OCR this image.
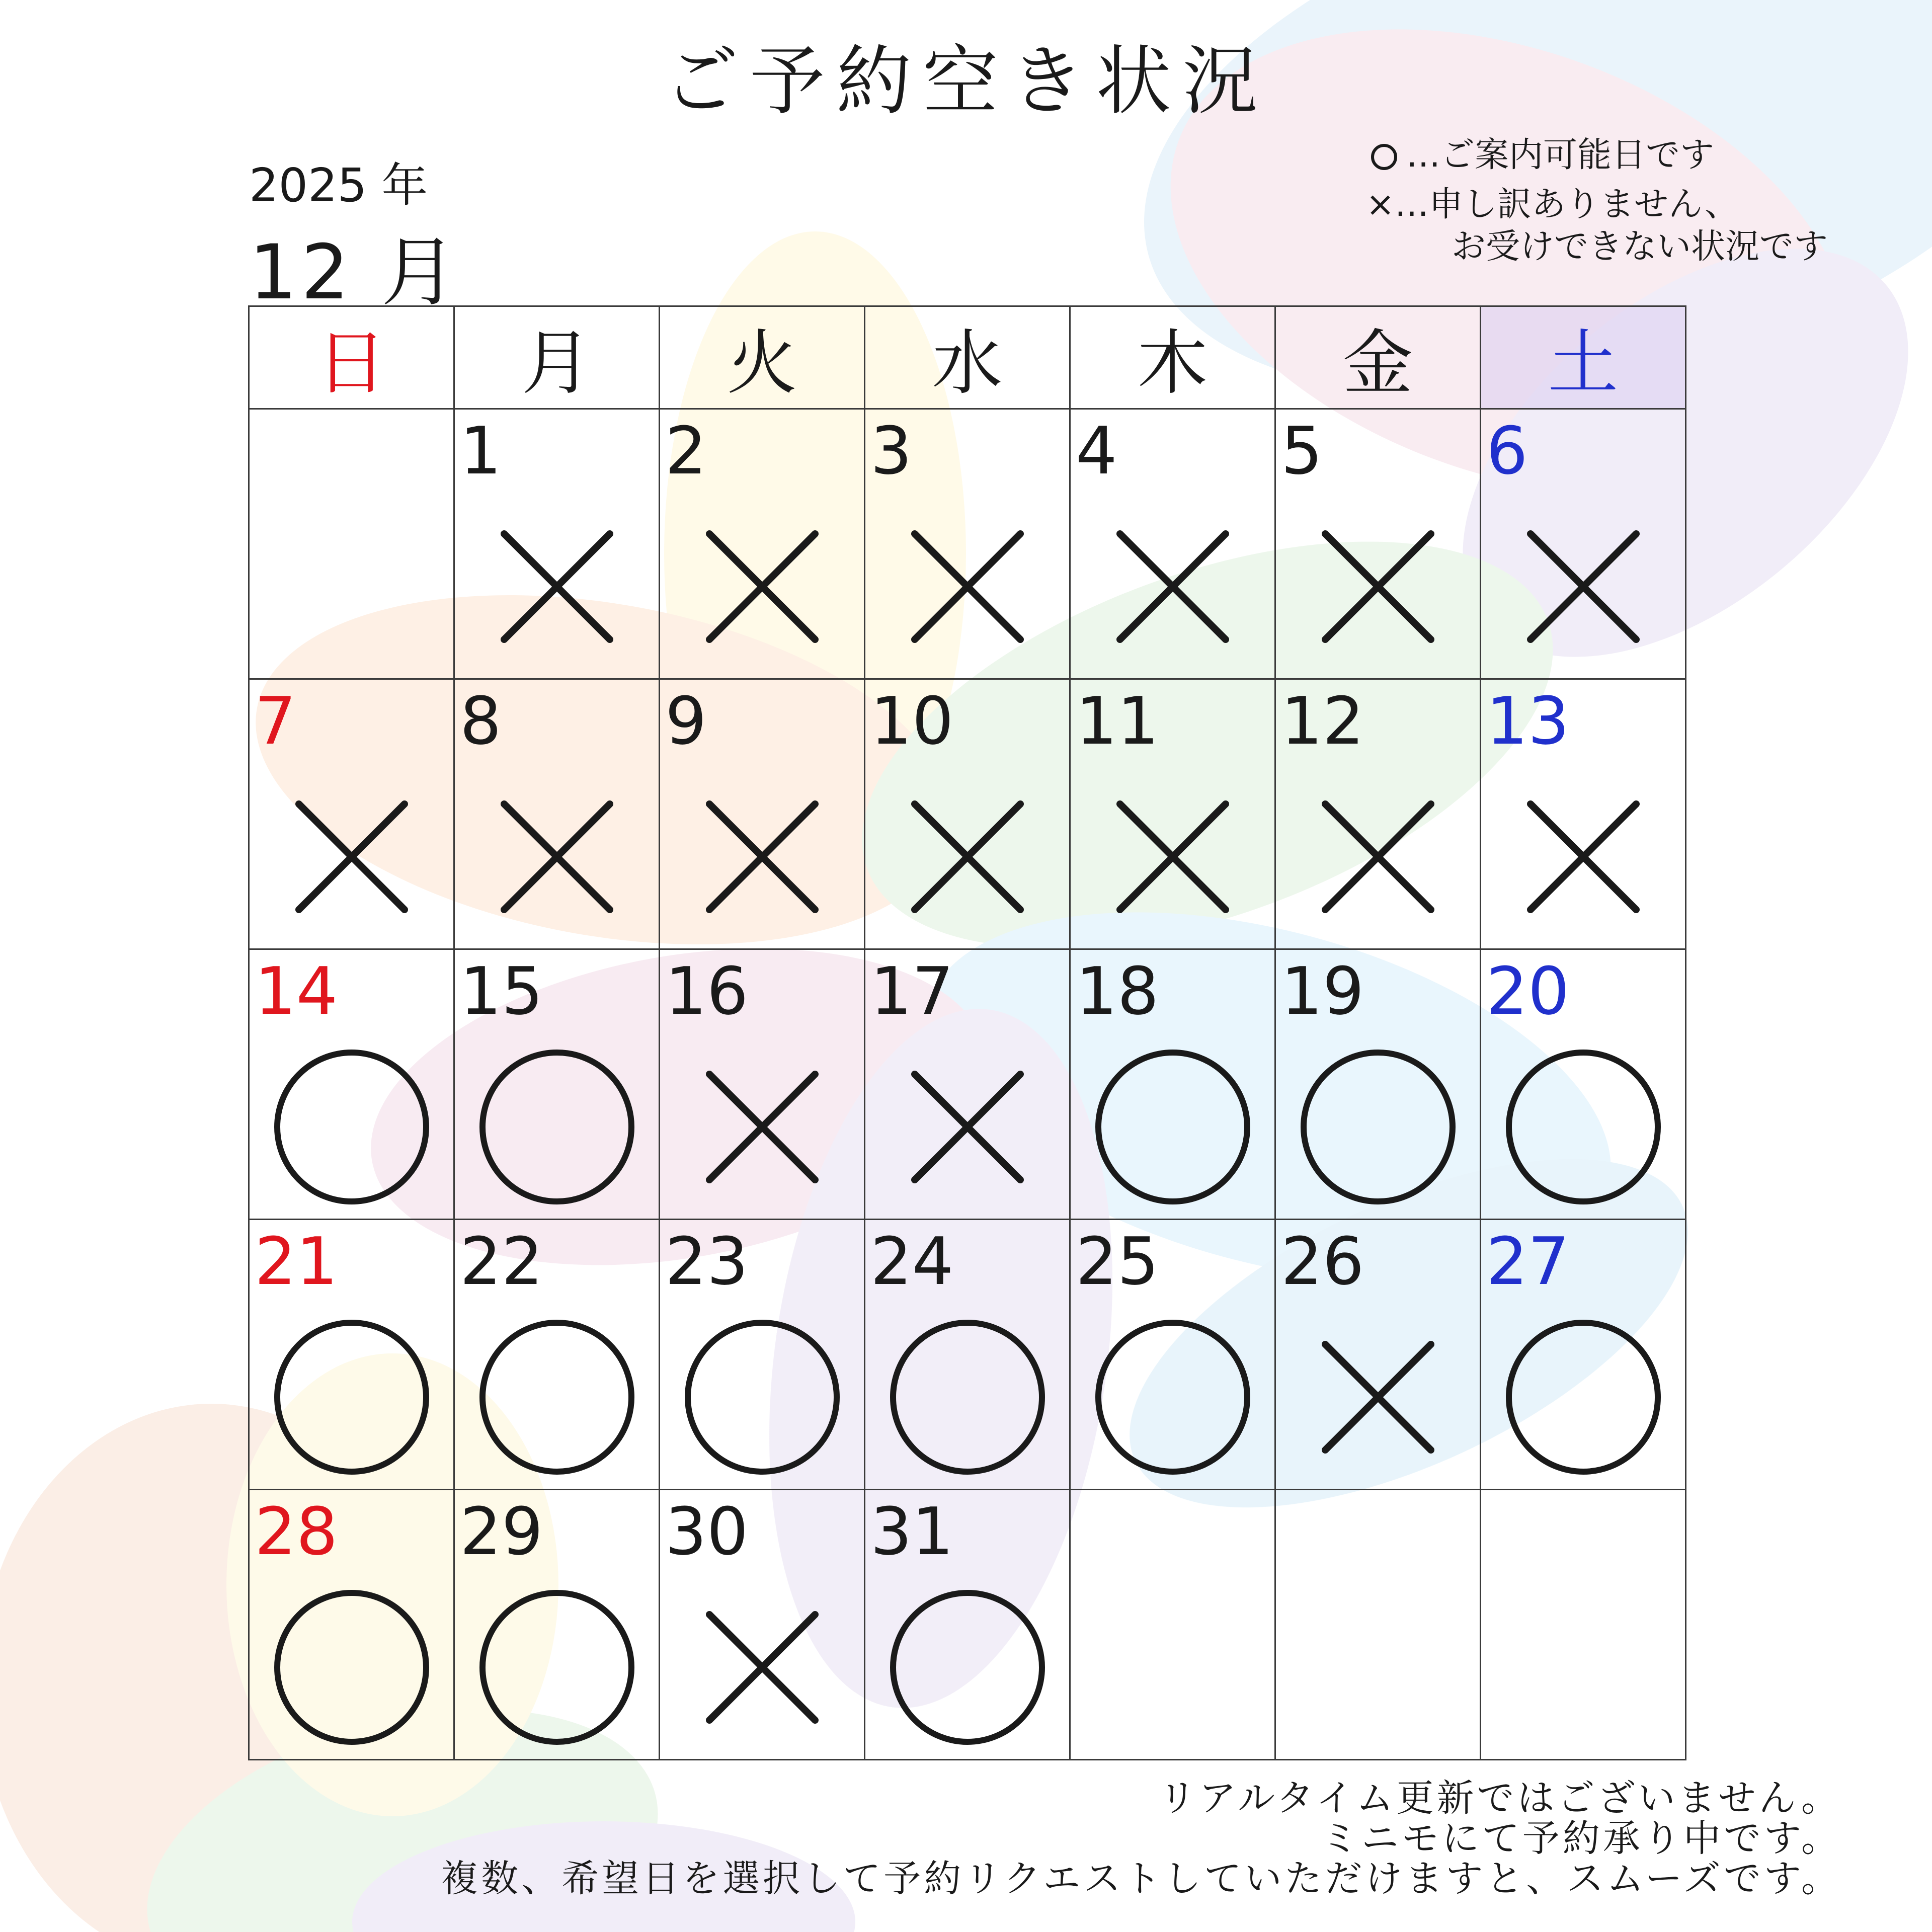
ご予約空き状況
2025 年
12 月
…ご案内可能日です
×…申し訳ありません、
お受けできない状況です
日	月	火	水	木	金	土

	1	2	3	4	5	6

7	8	9	10	11	12	13

14	15	16	17	18	19	20

21	22	23	24	25	26	27

28	29	30	31			

リアルタイム更新ではございません。
ミニモにて予約承り中です。
複数、希望日を選択して予約リクエストしていただけますと、スムーズです。
